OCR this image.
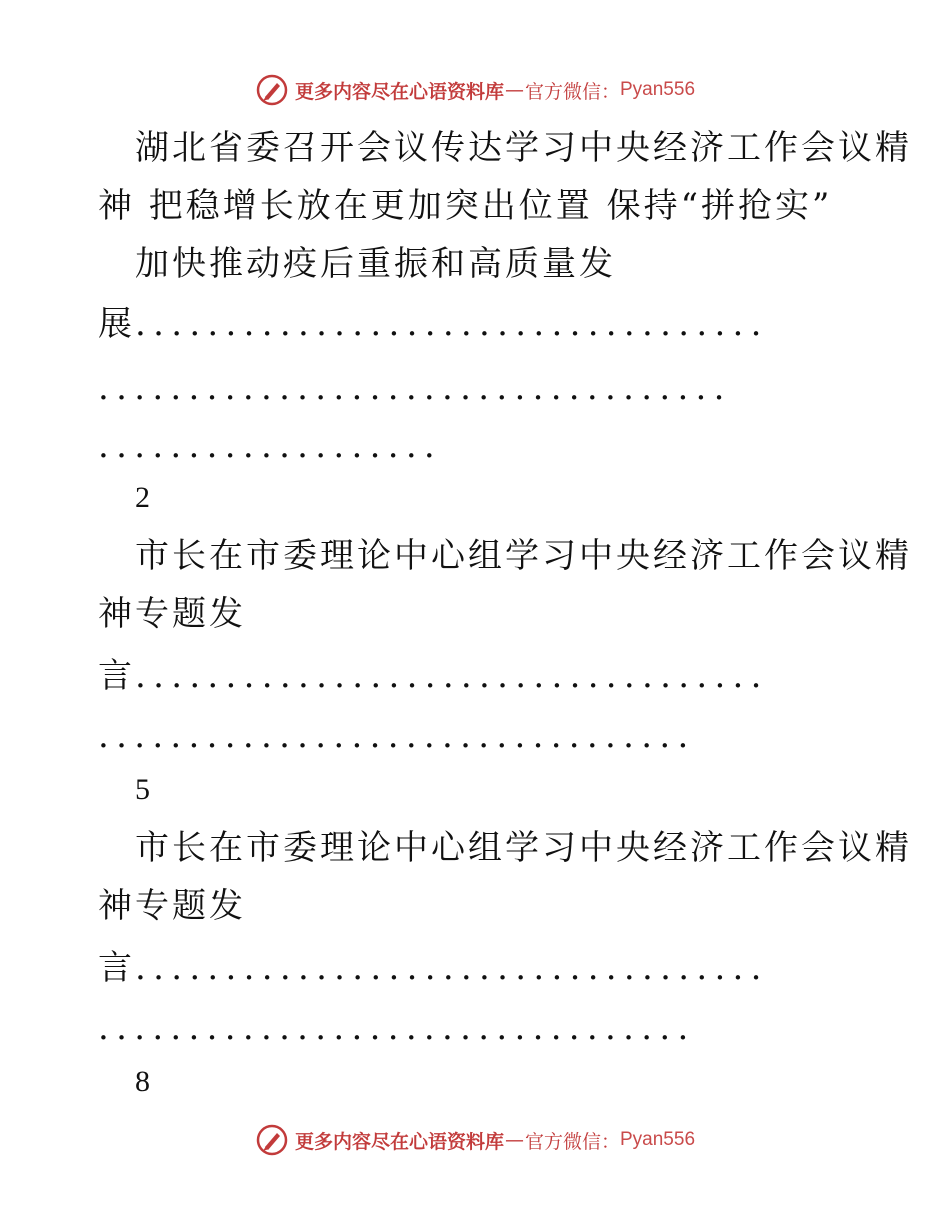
更多内容尽在心语资料库 — 官方微信： Pyan556
湖北省委召开会议传达学习中央经济工作会议精
神 把稳增长放在更加突出位置 保持“拼抢实”
加快推动疫后重振和高质量发
展...................................
...................................
...................
2
市长在市委理论中心组学习中央经济工作会议精
神专题发
言...................................
.................................
5
市长在市委理论中心组学习中央经济工作会议精
神专题发
言...................................
.................................
8
更多内容尽在心语资料库 — 官方微信： Pyan556
